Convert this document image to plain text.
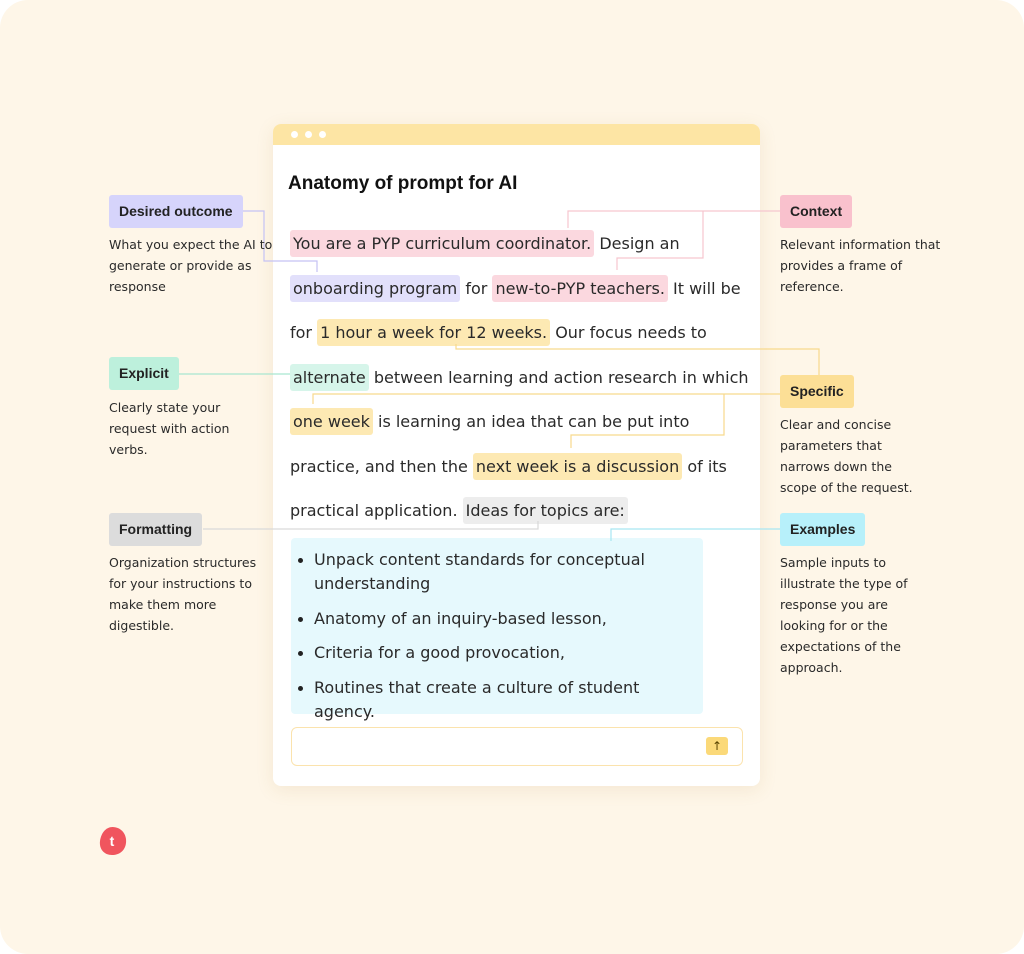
Anatomy of prompt for AI

You are a PYP curriculum coordinator. Design an onboarding program for new-to-PYP teachers. It will be for 1 hour a week for 12 weeks. Our focus needs to alternate between learning and action research in which one week is learning an idea that can be put into practice, and then the next week is a discussion of its practical application. Ideas for topics are:

Unpack content standards for conceptual understanding
Anatomy of an inquiry-based lesson,
Criteria for a good provocation,
Routines that create a culture of student agency.
↑
Desired outcome
What you expect the AI to generate or provide as response
Explicit
Clearly state your request with action verbs.
Formatting
Organization structures for your instructions to make them more digestible.
Context
Relevant information that provides a frame of reference.
Specific
Clear and concise parameters that narrows down the scope of the request.
Examples
Sample inputs to illustrate the type of response you are looking for or the expectations of the approach.
t
